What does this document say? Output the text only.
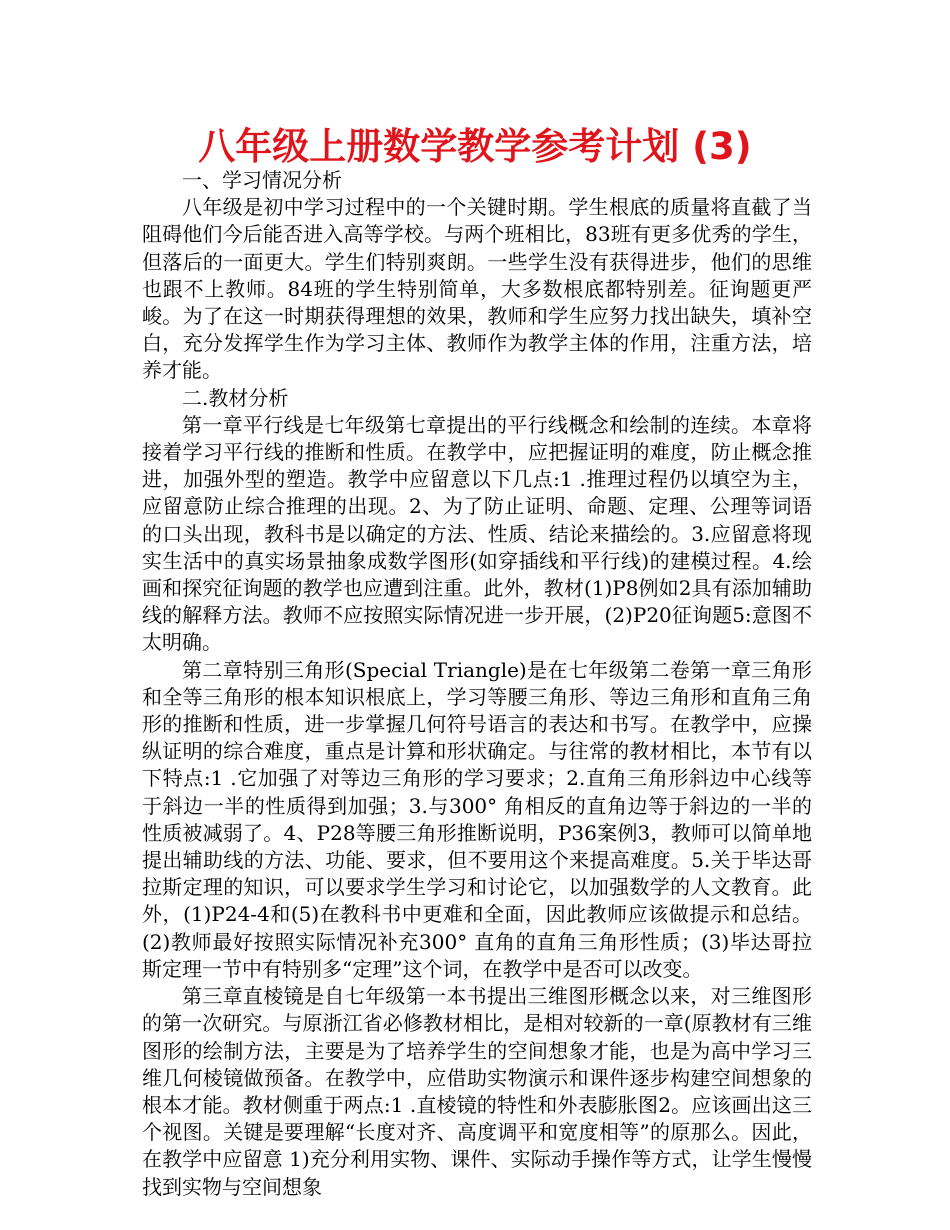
八年级上册数学教学参考计划 (3)

一、学习情况分析

八年级是初中学习过程中的一个关键时期。学生根底的质量将直截了当阻碍他们今后能否进入高等学校。与两个班相比，83班有更多优秀的学生，但落后的一面更大。学生们特别爽朗。一些学生没有获得进步，他们的思维也跟不上教师。84班的学生特别简单，大多数根底都特别差。征询题更严峻。为了在这一时期获得理想的效果，教师和学生应努力找出缺失，填补空白，充分发挥学生作为学习主体、教师作为教学主体的作用，注重方法，培养才能。

二.教材分析

第一章平行线是七年级第七章提出的平行线概念和绘制的连续。本章将接着学习平行线的推断和性质。在教学中，应把握证明的难度，防止概念推进，加强外型的塑造。教学中应留意以下几点:1 .推理过程仍以填空为主，应留意防止综合推理的出现。2、为了防止证明、命题、定理、公理等词语的口头出现，教科书是以确定的方法、性质、结论来描绘的。3.应留意将现实生活中的真实场景抽象成数学图形(如穿插线和平行线)的建模过程。4.绘画和探究征询题的教学也应遭到注重。此外，教材(1)P8例如2具有添加辅助线的解释方法。教师不应按照实际情况进一步开展，(2)P20征询题5:意图不太明确。

第二章特别三角形(Special Triangle)是在七年级第二卷第一章三角形和全等三角形的根本知识根底上，学习等腰三角形、等边三角形和直角三角形的推断和性质，进一步掌握几何符号语言的表达和书写。在教学中，应操纵证明的综合难度，重点是计算和形状确定。与往常的教材相比，本节有以下特点:1 .它加强了对等边三角形的学习要求；2.直角三角形斜边中心线等于斜边一半的性质得到加强；3.与300° 角相反的直角边等于斜边的一半的性质被减弱了。4、P28等腰三角形推断说明，P36案例3，教师可以简单地提出辅助线的方法、功能、要求，但不要用这个来提高难度。5.关于毕达哥拉斯定理的知识，可以要求学生学习和讨论它，以加强数学的人文教育。此外，(1)P24-4和(5)在教科书中更难和全面，因此教师应该做提示和总结。(2)教师最好按照实际情况补充300° 直角的直角三角形性质；(3)毕达哥拉斯定理一节中有特别多“定理”这个词，在教学中是否可以改变。

第三章直棱镜是自七年级第一本书提出三维图形概念以来，对三维图形的第一次研究。与原浙江省必修教材相比，是相对较新的一章(原教材有三维图形的绘制方法，主要是为了培养学生的空间想象才能，也是为高中学习三维几何棱镜做预备。在教学中，应借助实物演示和课件逐步构建空间想象的根本才能。教材侧重于两点:1 .直棱镜的特性和外表膨胀图2。应该画出这三个视图。关键是要理解“长度对齐、高度调平和宽度相等”的原那么。因此，在教学中应留意 1)充分利用实物、课件、实际动手操作等方式，让学生慢慢找到实物与空间想象
